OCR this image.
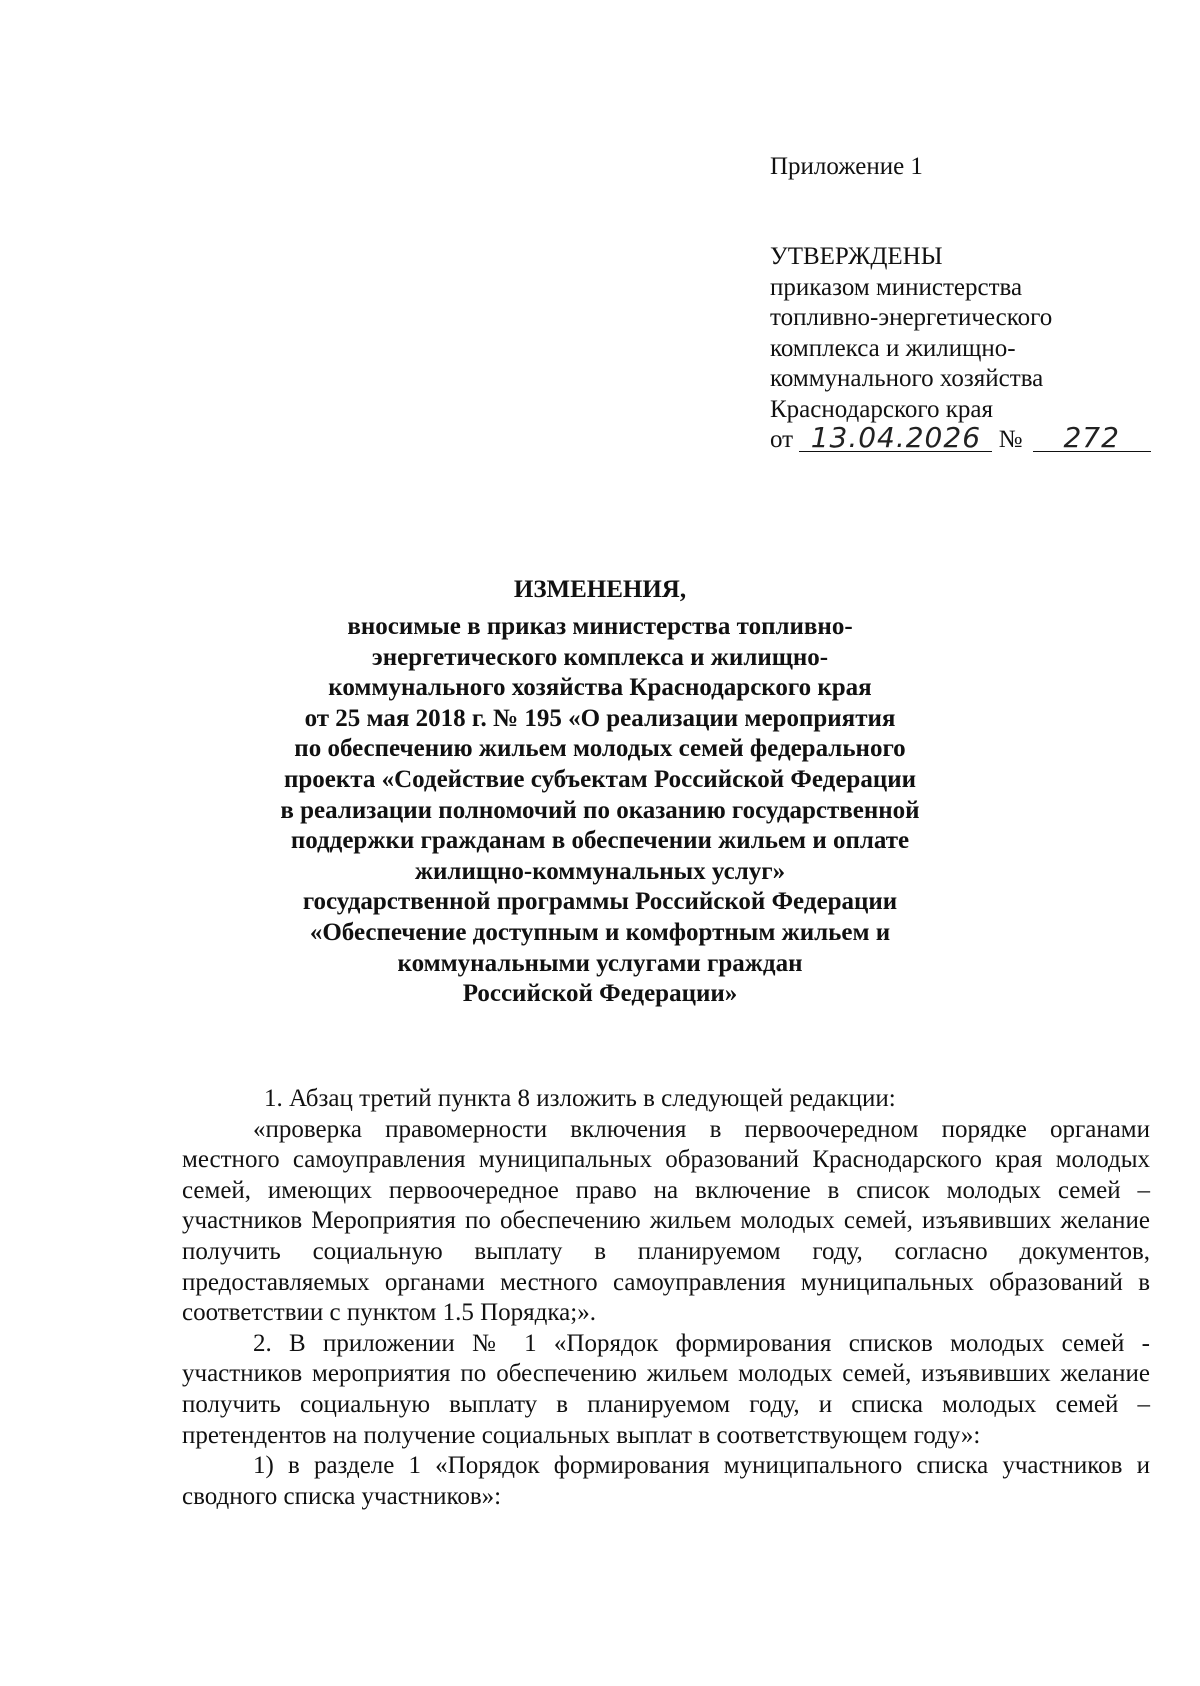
Приложение 1

УТВЕРЖДЕНЫ

приказом министерства

топливно-энергетического

комплекса и жилищно-

коммунального хозяйства

Краснодарского края

от 13.04.2026 № 272

ИЗМЕНЕНИЯ,

вносимые в приказ министерства топливно-

энергетического комплекса и жилищно-

коммунального хозяйства Краснодарского края

от 25 мая 2018 г. № 195 «О реализации мероприятия

по обеспечению жильем молодых семей федерального

проекта «Содействие субъектам Российской Федерации

в реализации полномочий по оказанию государственной

поддержки гражданам в обеспечении жильем и оплате

жилищно-коммунальных услуг»

государственной программы Российской Федерации

«Обеспечение доступным и комфортным жильем и

коммунальными услугами граждан

Российской Федерации»

1. Абзац третий пункта 8 изложить в следующей редакции:

«проверка правомерности включения в первоочередном порядке органами местного самоуправления муниципальных образований Краснодарского края молодых семей, имеющих первоочередное право на включение в список молодых семей – участников Мероприятия по обеспечению жильем молодых семей, изъявивших желание получить социальную выплату в планируемом году, согласно документов, предоставляемых органами местного самоуправления муниципальных образований в соответствии с пунктом 1.5 Порядка;».

2. В приложении № 1 «Порядок формирования списков молодых семей - участников мероприятия по обеспечению жильем молодых семей, изъявивших желание получить социальную выплату в планируемом году, и списка молодых семей – претендентов на получение социальных выплат в соответствующем году»:

1) в разделе 1 «Порядок формирования муниципального списка участников и сводного списка участников»:
